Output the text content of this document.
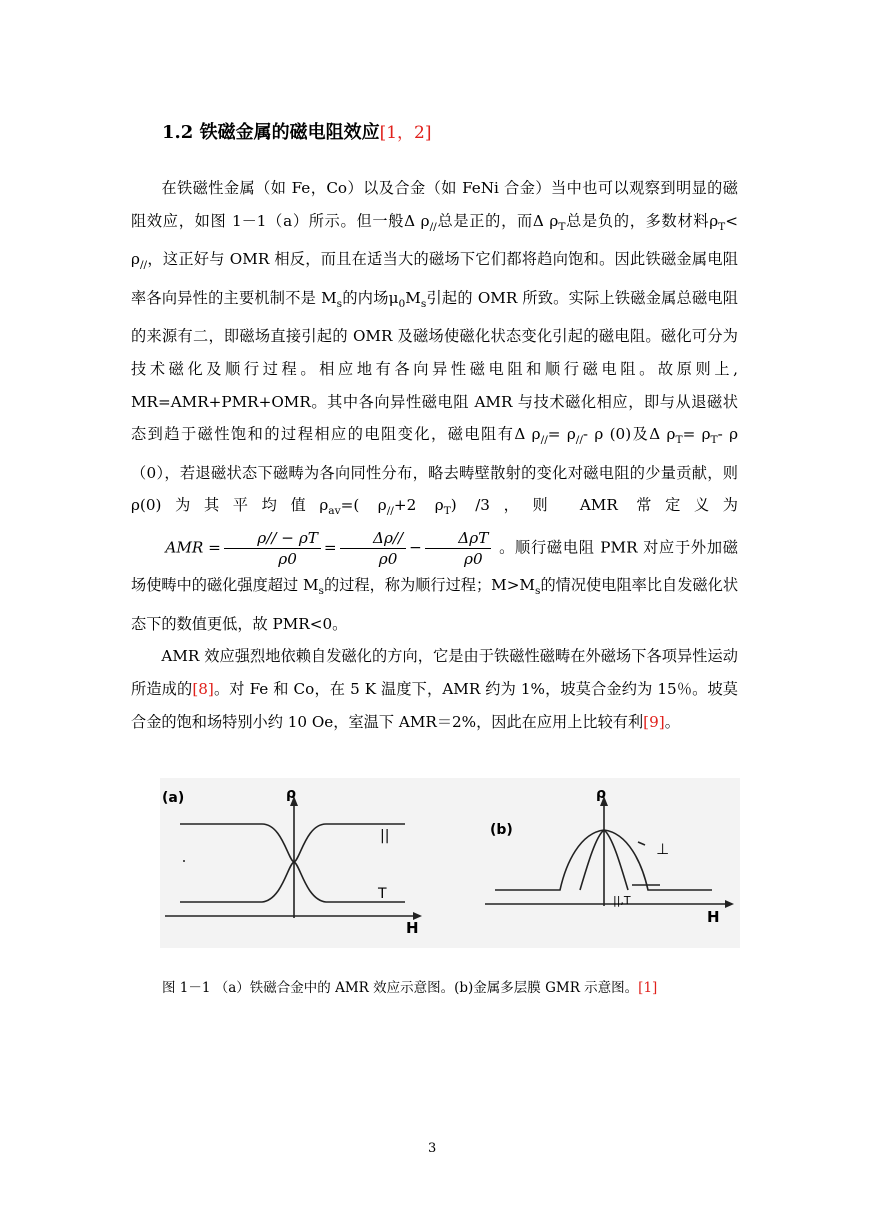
1.2 铁磁金属的磁电阻效应[1，2]

在铁磁性金属（如 Fe，Co）以及合金（如 FeNi 合金）当中也可以观察到明显的磁阻效应，如图 1－1（a）所示。但一般Δ $\rho_{//}$总是正的，而Δ $\rho_T$总是负的，多数材料$\rho_T< \rho_{//}$，这正好与 OMR 相反，而且在适当大的磁场下它们都将趋向饱和。因此铁磁金属电阻率各向异性的主要机制不是 $M_s$的内场$\mu_0M_s$引起的 OMR 所致。实际上铁磁金属总磁电阻的来源有二，即磁场直接引起的 OMR 及磁场使磁化状态变化引起的磁电阻。磁化可分为技术磁化及顺行过程。相应地有各向异性磁电阻和顺行磁电阻。故原则上,　MR=AMR+PMR+OMR。其中各向异性磁电阻 AMR 与技术磁化相应，即与从退磁状态到趋于磁性饱和的过程相应的电阻变化，磁电阻有Δ $\rho_{//}= \rho_{//}-$ ρ (0)及Δ $\rho_T= \rho_T-$ ρ（0），若退磁状态下磁畴为各向同性分布，略去畴壁散射的变化对磁电阻的少量贡献，则ρ(0)为其平均值$\rho_{av}=$( $\rho_{//}+2$ $\rho_T$) /3，则 AMR 常定义为AMR = $\frac{\rho// - \rho T}{\rho 0} = \frac{\Delta\rho//}{\rho 0} - \frac{\text{ΔρT}}{\rho 0}$ 。顺行磁电阻 PMR 对应于外加磁场使畴中的磁化强度超过 $M_s$的过程，称为顺行过程；$M>M_s$的情况使电阻率比自发磁化状态下的数值更低，故 PMR<0。

AMR 效应强烈地依赖自发磁化的方向，它是由于铁磁性磁畴在外磁场下各项异性运动所造成的[8]。对 Fe 和 Co，在 5 K 温度下，AMR 约为 1%，坡莫合金约为 15％。坡莫合金的饱和场特别小约 10 Oe，室温下 AMR＝2%，因此在应用上比较有利[9]。

(a)	ρ
||
T
H
(b)
ρ
⊥
||,T
H
图 1－1 （a）铁磁合金中的 AMR 效应示意图。(b)金属多层膜 GMR 示意图。[1]
3
